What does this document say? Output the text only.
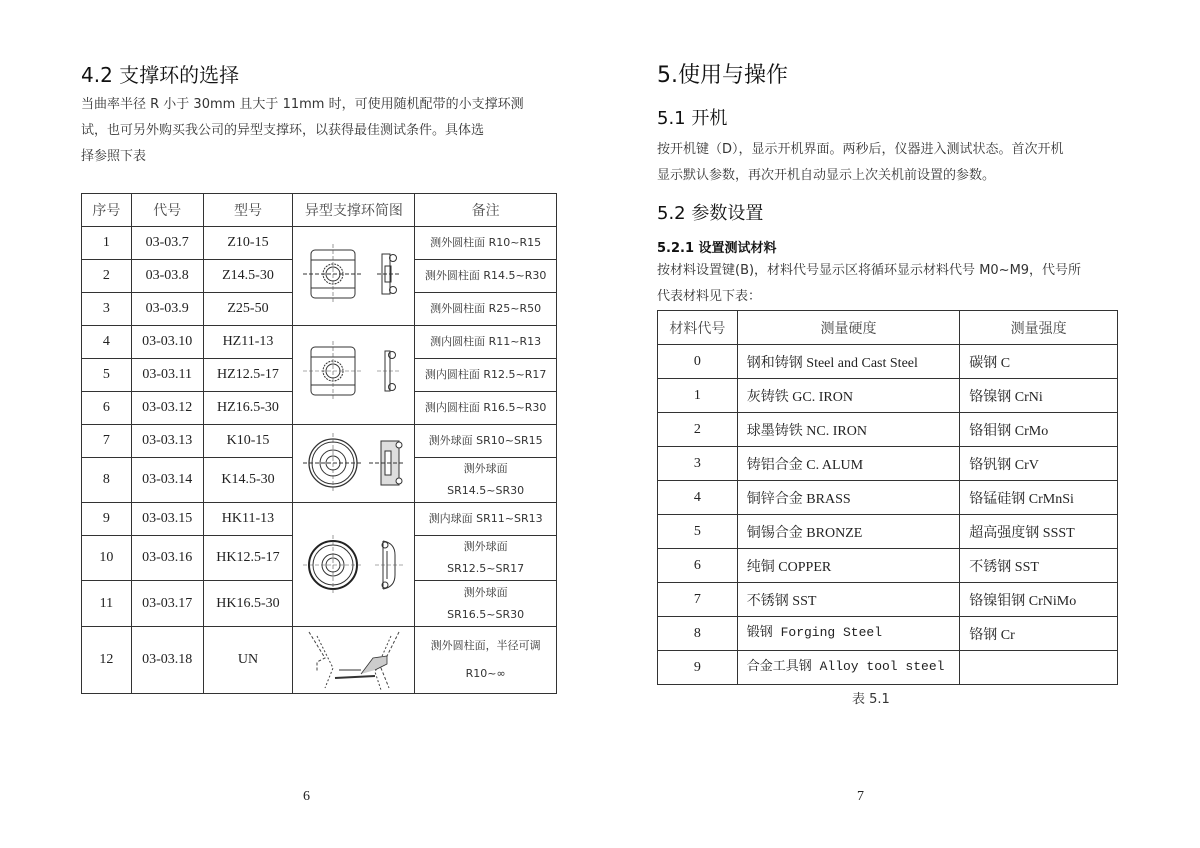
4.2 支撑环的选择
当曲率半径 R 小于 30mm 且大于 11mm 时，可使用随机配带的小支撑环测
试，也可另外购买我公司的异型支撑环，以获得最佳测试条件。具体选
择参照下表
序号	代号	型号	异型支撑环简图	备注
1	03-03.7	Z10-15		测外圆柱面 R10~R15

2	03-03.8	Z14.5-30		测外圆柱面 R14.5~R30

3	03-03.9	Z25-50		测外圆柱面 R25~R50

4	03-03.10	HZ11-13		测内圆柱面 R11~R13

5	03-03.11	HZ12.5-17		测内圆柱面 R12.5~R17

6	03-03.12	HZ16.5-30		测内圆柱面 R16.5~R30

7	03-03.13	K10-15		测外球面 SR10~SR15

8	03-03.14	K14.5-30		测外球面
SR14.5~SR30

9	03-03.15	HK11-13		测内球面 SR11~SR13

10	03-03.16	HK12.5-17		测外球面
SR12.5~SR17

11	03-03.17	HK16.5-30		测外球面
SR16.5~SR30

12	03-03.18	UN		测外圆柱面，半径可调
R10~∞
6
5.使用与操作
5.1 开机
按开机键（D），显示开机界面。两秒后，仪器进入测试状态。首次开机
显示默认参数，再次开机自动显示上次关机前设置的参数。
5.2 参数设置
5.2.1 设置测试材料
按材料设置键(B)，材料代号显示区将循环显示材料代号 M0~M9，代号所
代表材料见下表：
材料代号	测量硬度	测量强度
0	钢和铸钢 Steel and Cast Steel	碳钢 C
1	灰铸铁 GC. IRON	铬镍钢 CrNi
2	球墨铸铁 NC. IRON	铬钼钢 CrMo
3	铸铝合金 C. ALUM	铬钒钢 CrV
4	铜锌合金 BRASS	铬锰硅钢 CrMnSi
5	铜锡合金 BRONZE	超高强度钢 SSST
6	纯铜 COPPER	不锈钢 SST
7	不锈钢 SST	铬镍钼钢 CrNiMo
8	锻钢 Forging Steel	铬钢 Cr
9	合金工具钢 Alloy tool steel	
表 5.1
7
